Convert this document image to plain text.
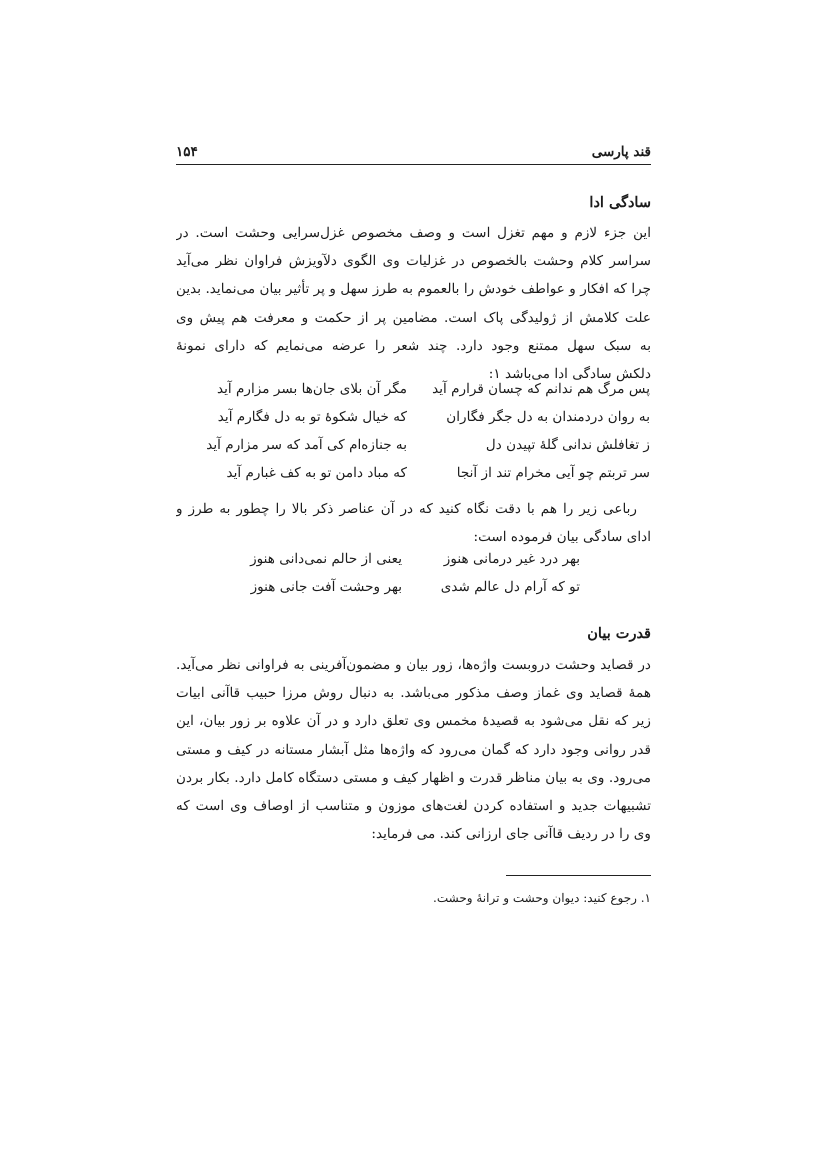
قند پارسی
۱۵۴
سادگی ادا

این جزء لازم و مهم تغزل است و وصف مخصوص غزل‌سرایی وحشت است. در
سراسر کلام وحشت بالخصوص در غزلیات وی الگوی دلآویزش فراوان نظر می‌آید
چرا که افکار و عواطف خودش را بالعموم به طرز سهل و پر تأثیر بیان می‌نماید. بدین
علت کلامش از ژولیدگی پاک است. مضامین پر از حکمت و معرفت هم پیش وی
به سبک سهل ممتنع وجود دارد. چند شعر را عرضه می‌نمایم که دارای نمونۀ
دلکش سادگی ادا می‌باشد ۱:

پس مرگ هم ندانم که چسان قرارم آید
مگر آن بلای جان‌ها بسر مزارم آید
به روان دردمندان به دل جگر فگاران
که خیال شکوۀ تو به دل فگارم آید
ز تغافلش ندانی گلۀ تپیدن دل
به جنازه‌ام کی آمد که سر مزارم آید
سر تربتم چو آیی مخرام تند از آنجا
که مباد دامن تو به کف غبارم آید

رباعی زیر را هم با دقت نگاه کنید که در آن عناصر ذکر بالا را چطور به طرز و
ادای سادگی بیان فرموده است:

بهر درد غیر درمانی هنوز
یعنی از حالم نمی‌دانی هنوز
تو که آرام دل عالم شدی
بهر وحشت آفت جانی هنوز
قدرت بیان

در قصاید وحشت دروبست واژه‌ها، زور بیان و مضمون‌آفرینی به فراوانی نظر می‌آید.
همۀ قصاید وی غماز وصف مذکور می‌باشد. به دنبال روش مرزا حبیب قاآنی ابیات
زیر که نقل می‌شود به قصیدۀ مخمس وی تعلق دارد و در آن علاوه بر زور بیان، این
قدر روانی وجود دارد که گمان می‌رود که واژه‌ها مثل آبشار مستانه در کیف و مستی
می‌رود. وی به بیان مناظر قدرت و اظهار کیف و مستی دستگاه کامل دارد. بکار بردن
تشبیهات جدید و استفاده کردن لغت‌های موزون و متناسب از اوصاف وی است که
وی را در ردیف قاآنی جای ارزانی کند. می فرماید:

۱. رجوع کنید: دیوان وحشت و ترانۀ وحشت.
